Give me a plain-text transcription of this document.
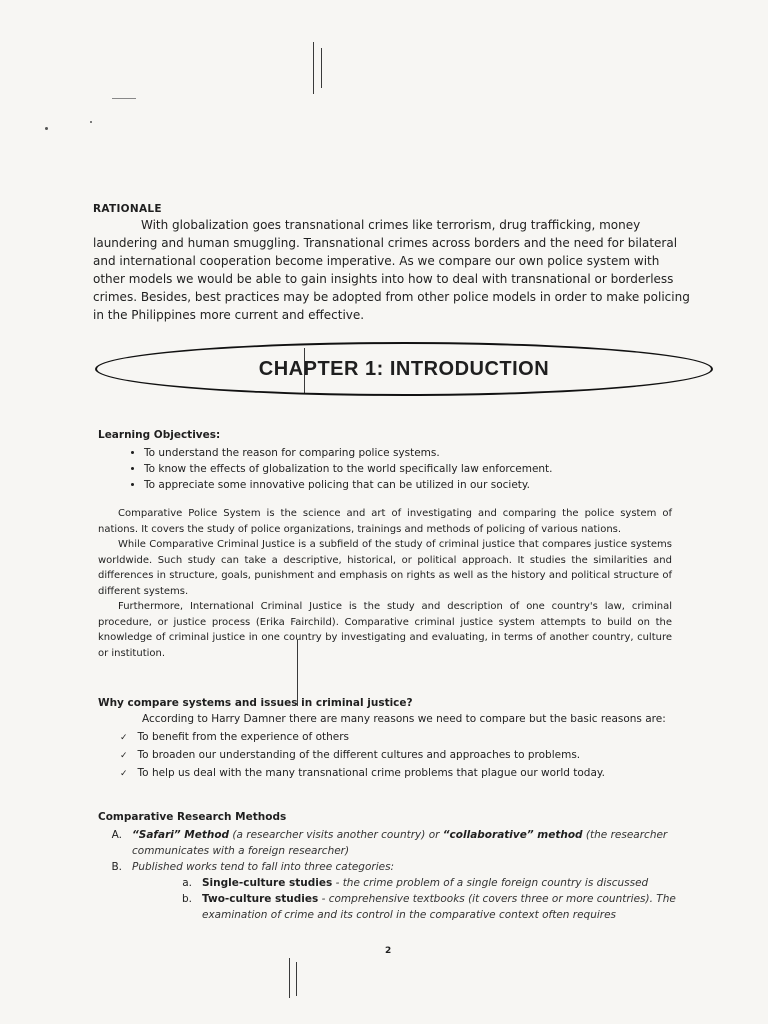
RATIONALE

With globalization goes transnational crimes like terrorism, drug trafficking, money laundering and human smuggling. Transnational crimes across borders and the need for bilateral and international cooperation become imperative. As we compare our own police system with other models we would be able to gain insights into how to deal with transnational or borderless crimes. Besides, best practices may be adopted from other police models in order to make policing in the Philippines more current and effective.

CHAPTER 1: INTRODUCTION
Learning Objectives:
• To understand the reason for comparing police systems.
• To know the effects of globalization to the world specifically law enforcement.
• To appreciate some innovative policing that can be utilized in our society.

Comparative Police System is the science and art of investigating and comparing the police system of nations. It covers the study of police organizations, trainings and methods of policing of various nations.

While Comparative Criminal Justice is a subfield of the study of criminal justice that compares justice systems worldwide. Such study can take a descriptive, historical, or political approach. It studies the similarities and differences in structure, goals, punishment and emphasis on rights as well as the history and political structure of different systems.

Furthermore, International Criminal Justice is the study and description of one country's law, criminal procedure, or justice process (Erika Fairchild). Comparative criminal justice system attempts to build on the knowledge of criminal justice in one country by investigating and evaluating, in terms of another country, culture or institution.

Why compare systems and issues in criminal justice?

According to Harry Damner there are many reasons we need to compare but the basic reasons are:

✓ To benefit from the experience of others
✓ To broaden our understanding of the different cultures and approaches to problems.
✓ To help us deal with the many transnational crime problems that plague our world today.
Comparative Research Methods
A. “Safari” Method (a researcher visits another country) or “collaborative” method (the researcher communicates with a foreign researcher)
B. Published works tend to fall into three categories:
a. Single-culture studies - the crime problem of a single foreign country is discussed
b. Two-culture studies - comprehensive textbooks (it covers three or more countries). The examination of crime and its control in the comparative context often requires
2
